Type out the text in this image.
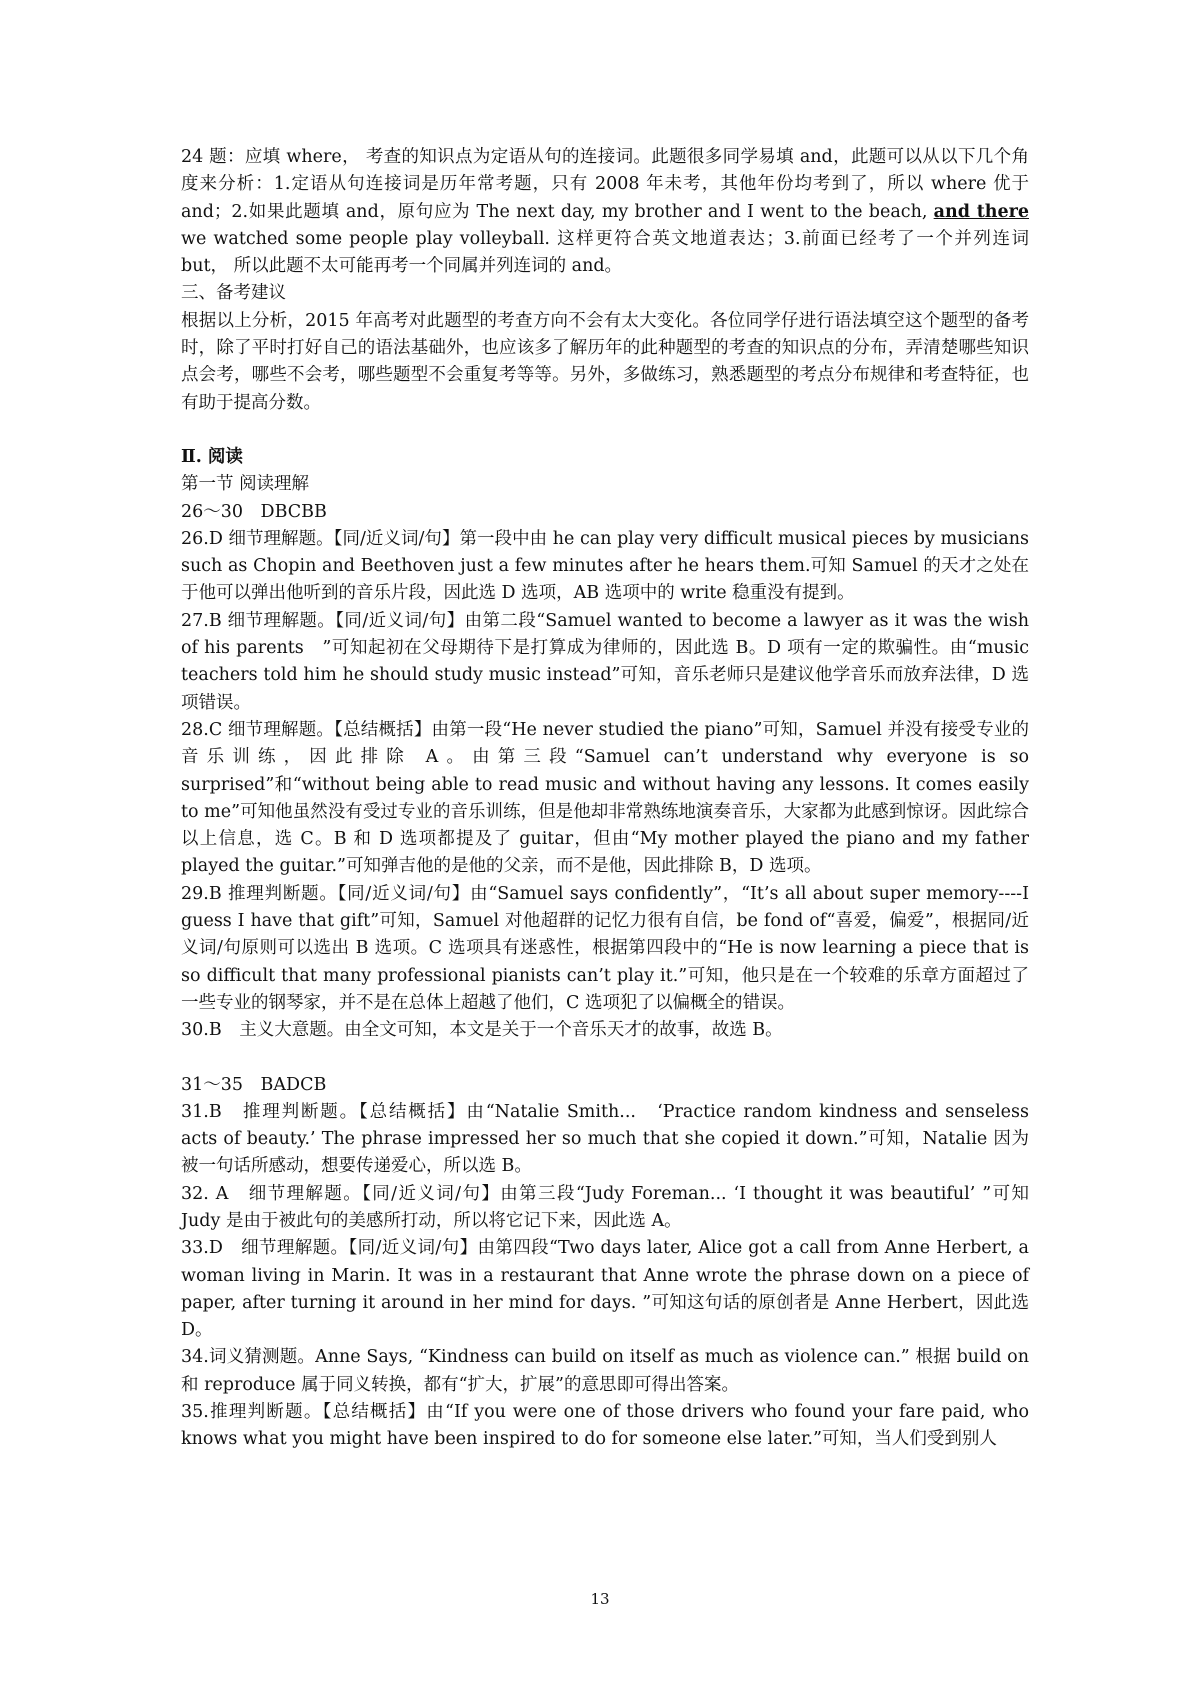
24 题：应填 where， 考查的知识点为定语从句的连接词。此题很多同学易填 and，此题可以从以下几个角度来分析：1.定语从句连接词是历年常考题，只有 2008 年未考，其他年份均考到了，所以 where 优于 and；2.如果此题填 and，原句应为 The next day, my brother and I went to the beach, and there we watched some people play volleyball. 这样更符合英文地道表达；3.前面已经考了一个并列连词 but， 所以此题不太可能再考一个同属并列连词的 and。

三、备考建议

根据以上分析，2015 年高考对此题型的考查方向不会有太大变化。各位同学仔进行语法填空这个题型的备考时，除了平时打好自己的语法基础外，也应该多了解历年的此种题型的考查的知识点的分布，弄清楚哪些知识点会考，哪些不会考，哪些题型不会重复考等等。另外，多做练习，熟悉题型的考点分布规律和考查特征，也有助于提高分数。

Ⅱ. 阅读

第一节 阅读理解

26～30　DBCBB

26.D 细节理解题。【同/近义词/句】第一段中由 he can play very difficult musical pieces by musicians such as Chopin and Beethoven just a few minutes after he hears them.可知 Samuel 的天才之处在于他可以弹出他听到的音乐片段，因此选 D 选项，AB 选项中的 write 稳重没有提到。

27.B 细节理解题。【同/近义词/句】由第二段“Samuel wanted to become a lawyer as it was the wish of his parents　”可知起初在父母期待下是打算成为律师的，因此选 B。D 项有一定的欺骗性。由“music teachers told him he should study music instead”可知，音乐老师只是建议他学音乐而放弃法律，D 选项错误。

28.C 细节理解题。【总结概括】由第一段“He never studied the piano”可知，Samuel 并没有接受专业的音乐训练，因此排除 A。由第三段“Samuel can’t understand why everyone is so surprised”和“without being able to read music and without having any lessons. It comes easily to me”可知他虽然没有受过专业的音乐训练，但是他却非常熟练地演奏音乐，大家都为此感到惊讶。因此综合以上信息，选 C。B 和 D 选项都提及了 guitar，但由“My mother played the piano and my father played the guitar.”可知弹吉他的是他的父亲，而不是他，因此排除 B，D 选项。

29.B 推理判断题。【同/近义词/句】由“Samuel says confidently”，“It’s all about super memory----I guess I have that gift”可知，Samuel 对他超群的记忆力很有自信，be fond of“喜爱，偏爱”，根据同/近义词/句原则可以选出 B 选项。C 选项具有迷惑性，根据第四段中的“He is now learning a piece that is so difficult that many professional pianists can’t play it.”可知，他只是在一个较难的乐章方面超过了一些专业的钢琴家，并不是在总体上超越了他们，C 选项犯了以偏概全的错误。

30.B　主义大意题。由全文可知，本文是关于一个音乐天才的故事，故选 B。

31～35　BADCB

31.B　推理判断题。【总结概括】由“Natalie Smith...　‘Practice random kindness and senseless acts of beauty.’ The phrase impressed her so much that she copied it down.”可知，Natalie 因为被一句话所感动，想要传递爱心，所以选 B。

32. A　细节理解题。【同/近义词/句】由第三段“Judy Foreman... ‘I thought it was beautiful’ ”可知 Judy 是由于被此句的美感所打动，所以将它记下来，因此选 A。

33.D　细节理解题。【同/近义词/句】由第四段“Two days later, Alice got a call from Anne Herbert, a woman living in Marin. It was in a restaurant that Anne wrote the phrase down on a piece of paper, after turning it around in her mind for days. ”可知这句话的原创者是 Anne Herbert，因此选 D。

34.词义猜测题。Anne Says, “Kindness can build on itself as much as violence can.” 根据 build on 和 reproduce 属于同义转换，都有“扩大，扩展”的意思即可得出答案。

35.推理判断题。【总结概括】由“If you were one of those drivers who found your fare paid, who knows what you might have been inspired to do for someone else later.”可知，当人们受到别人

13
